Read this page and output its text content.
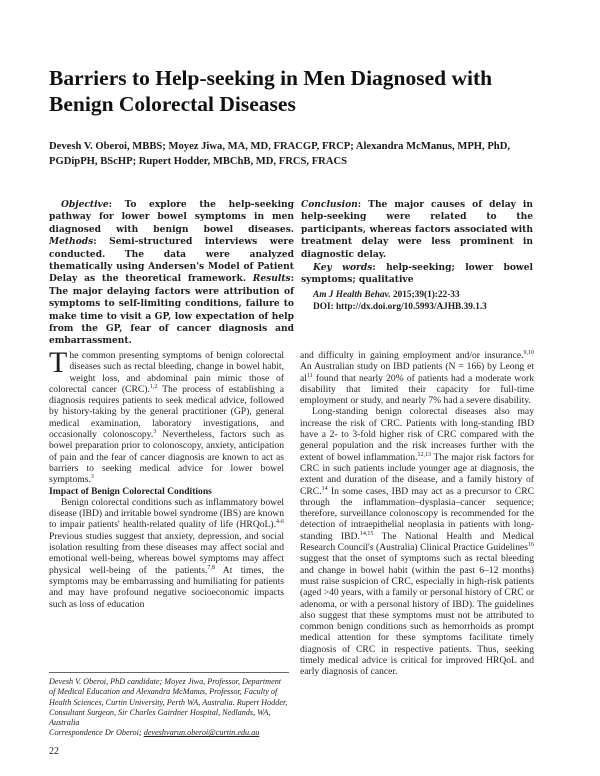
Barriers to Help-seeking in Men Diagnosed with Benign Colorectal Diseases

Devesh V. Oberoi, MBBS; Moyez Jiwa, MA, MD, FRACGP, FRCP; Alexandra McManus, MPH, PhD, PGDipPH, BScHP; Rupert Hodder, MBChB, MD, FRCS, FRACS

Objective: To explore the help-seeking pathway for lower bowel symptoms in men diagnosed with benign bowel diseases. Methods: Semi-structured interviews were conducted. The data were analyzed thematically using Andersen's Model of Patient Delay as the theoretical framework. Results: The major delaying factors were attribution of symptoms to self-limiting conditions, failure to make time to visit a GP, low expectation of help from the GP, fear of cancer diagnosis and embarrassment.

Conclusion: The major causes of delay in help-seeking were related to the participants, whereas factors associated with treatment delay were less prominent in diagnostic delay.

Key words: help-seeking; lower bowel symptoms; qualitative

Am J Health Behav. 2015;39(1):22-33

DOI: http://dx.doi.org/10.5993/AJHB.39.1.3

The common presenting symptoms of benign colorectal diseases such as rectal bleeding, change in bowel habit, weight loss, and abdominal pain mimic those of colorectal cancer (CRC).$^{1,2}$ The process of establishing a diagnosis requires patients to seek medical advice, followed by history-taking by the general practitioner (GP), general medical examination, laboratory investigations, and occasionally colonoscopy.$^3$ Nevertheless, factors such as bowel preparation prior to colonoscopy, anxiety, anticipation of pain and the fear of cancer diagnosis are known to act as barriers to seeking medical advice for lower bowel symptoms.$^3$

Impact of Benign Colorectal Conditions

Benign colorectal conditions such as inflammatory bowel disease (IBD) and irritable bowel syndrome (IBS) are known to impair patients' health-related quality of life (HRQoL).$^{4-6}$ Previous studies suggest that anxiety, depression, and social isolation resulting from these diseases may affect social and emotional well-being, whereas bowel symptoms may affect physical well-being of the patients.$^{7,8}$ At times, the symptoms may be embarrassing and humiliating for patients and may have profound negative socioeconomic impacts such as loss of education

and difficulty in gaining employment and/or insurance.$^{9,10}$ An Australian study on IBD patients (N = 166) by Leong et $al^{11}$ found that nearly 20% of patients had a moderate work disability that limited their capacity for full-time employment or study, and nearly 7% had a severe disability.

Long-standing benign colorectal diseases also may increase the risk of CRC. Patients with long-standing IBD have a 2- to 3-fold higher risk of CRC compared with the general population and the risk increases further with the extent of bowel inflammation.$^{12,13}$ The major risk factors for CRC in such patients include younger age at diagnosis, the extent and duration of the disease, and a family history of CRC.$^{14}$ In some cases, IBD may act as a precursor to CRC through the inflammation–dysplasia–cancer sequence; therefore, surveillance colonoscopy is recommended for the detection of intraepithelial neoplasia in patients with long-standing IBD.$^{14,15}$ The National Health and Medical Research Council's (Australia) Clinical Practice Guidelines$^{16}$ suggest that the onset of symptoms such as rectal bleeding and change in bowel habit (within the past 6–12 months) must raise suspicion of CRC, especially in high-risk patients (aged >40 years, with a family or personal history of CRC or adenoma, or with a personal history of IBD). The guidelines also suggest that these symptoms must not be attributed to common benign conditions such as hemorrhoids as prompt medical attention for these symptoms facilitate timely diagnosis of CRC in respective patients. Thus, seeking timely medical advice is critical for improved HRQoL and early diagnosis of cancer.

Devesh V. Oberoi, PhD candidate; Moyez Jiwa, Professor, Department of Medical Education and Alexandra McManus, Professor, Faculty of Health Sciences, Curtin University, Perth WA, Australia. Rupert Hodder, Consultant Surgeon, Sir Charles Gairdner Hospital, Nedlands, WA, Australia
Correspondence Dr Oberoi; deveshvarun.oberoi@curtin.edu.au
22
